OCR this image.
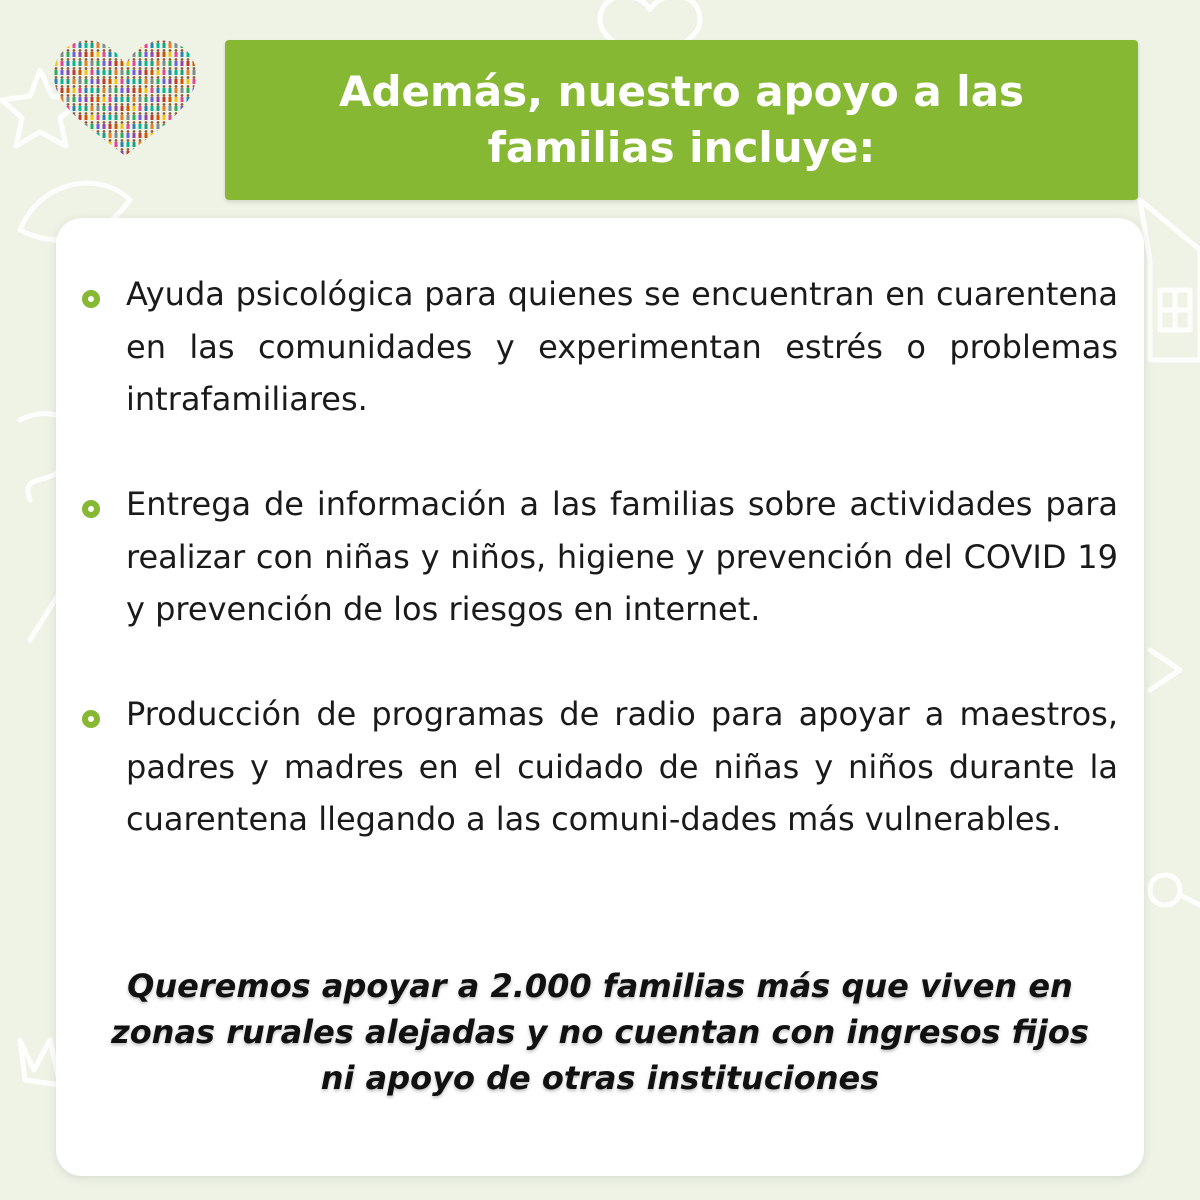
Además, nuestro apoyo a las familias incluye:

Ayuda psicológica para quienes se encuentran en cuarentena en las comunidades y experimentan estrés o problemas intrafamiliares.

Entrega de información a las familias sobre actividades para realizar con niñas y niños, higiene y prevención del COVID 19 y prevención de los riesgos en internet.

Producción de programas de radio para apoyar a maestros, padres y madres en el cuidado de niñas y niños durante la cuarentena llegando a las comuni-dades más vulnerables.

Queremos apoyar a 2.000 familias más que viven en zonas rurales alejadas y no cuentan con ingresos fijos ni apoyo de otras instituciones
